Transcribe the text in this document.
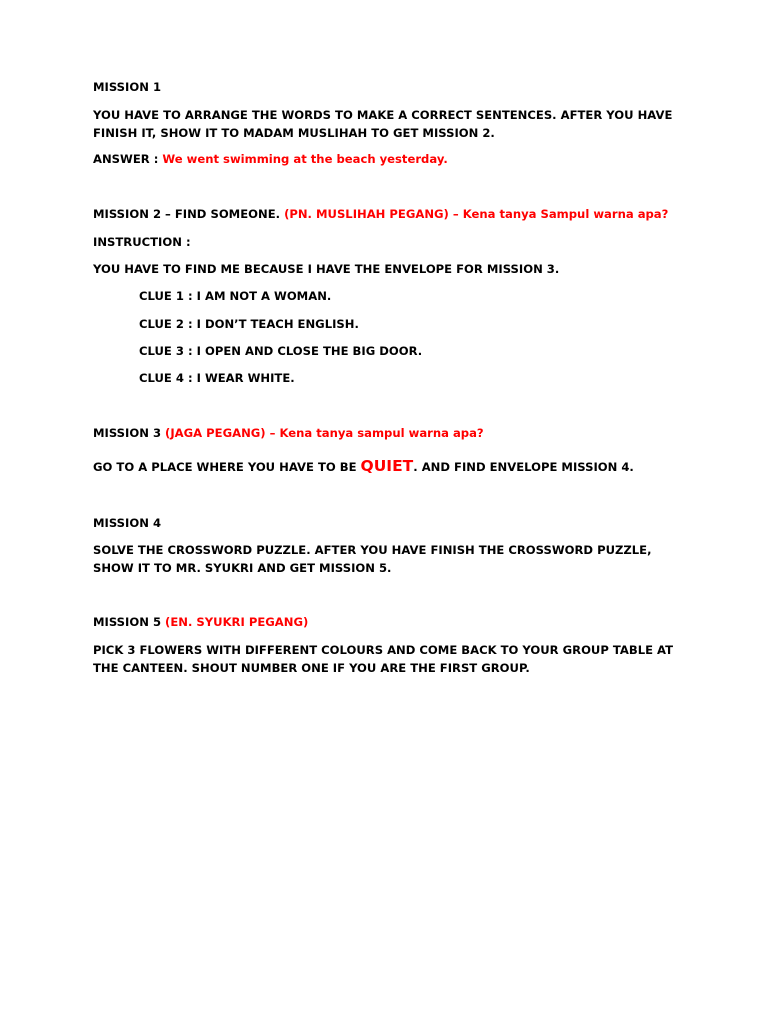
MISSION 1
YOU HAVE TO ARRANGE THE WORDS TO MAKE A CORRECT SENTENCES. AFTER YOU HAVE FINISH IT, SHOW IT TO MADAM MUSLIHAH TO GET MISSION 2.
ANSWER : We went swimming at the beach yesterday.
MISSION 2 – FIND SOMEONE. (PN. MUSLIHAH PEGANG) – Kena tanya Sampul warna apa?
INSTRUCTION :
YOU HAVE TO FIND ME BECAUSE I HAVE THE ENVELOPE FOR MISSION 3.
CLUE 1 : I AM NOT A WOMAN.
CLUE 2 : I DON’T TEACH ENGLISH.
CLUE 3 : I OPEN AND CLOSE THE BIG DOOR.
CLUE 4 : I WEAR WHITE.
MISSION 3 (JAGA PEGANG) – Kena tanya sampul warna apa?
GO TO A PLACE WHERE YOU HAVE TO BE QUIET. AND FIND ENVELOPE MISSION 4.
MISSION 4
SOLVE THE CROSSWORD PUZZLE. AFTER YOU HAVE FINISH THE CROSSWORD PUZZLE, SHOW IT TO MR. SYUKRI AND GET MISSION 5.
MISSION 5 (EN. SYUKRI PEGANG)
PICK 3 FLOWERS WITH DIFFERENT COLOURS AND COME BACK TO YOUR GROUP TABLE AT THE CANTEEN. SHOUT NUMBER ONE IF YOU ARE THE FIRST GROUP.
